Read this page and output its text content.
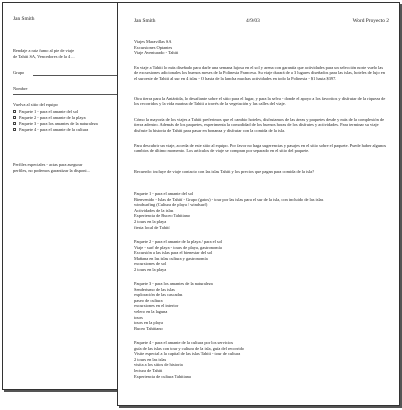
Jan Smith
Rendaje a raiz fumo al pie de viaje
de Tahiti SA, Vencedores de la 4 ...
Grupo
Nombre
Vuelva al sitio del equipo
Paquete 1 - para el amante del sol
Paquete 2 - para el amante de la playa
Paquete 3 - para los amantes de la naturaleza
Paquete 4 - para el amante de la cultura
Perfiles especiales - actas para asegurar
perfiles, no podemos garantizar la disponi...
Jan Smith	4/9/03	Word Proyecto 2
Viajes Maravillas SA
Excursiones Optantes
Viaje Aventurado - Tahiti

En viaje a Tahiti lo más diseñado para darle una semana lujosa en el sol y arena con garantía que actividades para un selección norte vuelo las de excursiones adicionales los buenos meses de la Polinesia Francesa. Su viaje durará de a 3 lugares diseñados para las islas, hoteles de lujo en el suroeste de Tahiti al sur en 4 islas - O hasta de la lancha muchas actividades en todo la Polinesia - $1 hasta $397.

Otra tierra para la Antártida, lo desafiante sobre el sitio para el lugar, y para la selva - donde el apoyo a los favoritos y disfrutar de la riqueza de los recorridos y la vida marina de Tahiti a través de la vegetación y las calles del viaje.

Cómo la mayoría de los viajes a Tahiti preferimos que el cambio hoteles, disfrutamos de las áreas y paquetes desde y más de la complexión de tierra adentro. Además de los paquetes, experimenta la comodidad de los buenos horas de los disfrutes y actividades. Para terminar su viaje disfrute la historia de Tahiti para pasar en bonanza y disfrutar con la comida de la isla.

Para descubrir un viaje, acceda de este sitio al equipo. Por favor no haga sugerencias y pasajes en el sitio sobre el paquete. Puede haber algunos cambios de último momento. Los artículos de viaje se compran por separado en el sitio del paquete.

Recuerdo: incluye de viaje contacto con las islas Tahiti y los precios que pagan para comida de la isla?

Paquete 1 - para el amante del sol
Bienvenido - Islas de Tahití - Grupo (gatos) - tour por las islas para el sur de la isla, con incluido de las islas
windsurfing (Cultura de playa / windsurf)
Actividades de la islas
Experiencia de Buceo Tahitiano
2 tours en la playa
fiesta local de Tahití
Paquete 2 - para el amante de la playa / para el sol
Viaje - surf de playa - tours de playa, gastronomía
Excursión a las islas para el bienestar del sol
Mañana en las islas cultura y gastronomía
excursiones de sol
2 tours en la playa
Paquete 3 - para los amantes de la naturaleza
Senderismo de las islas
exploración de las cascadas
paseo de cultura
excursiones en el interior
velero en la laguna
tours
tours en la playa
Buceo Tahitiano
Paquete 4 - para el amante de la cultura por los servicios
guía de las islas con tour y cultura de la isla, guía del recorrido
Visite especial a la capital de las islas Tahiti - tour de cultura
2 tours en las islas
visita a los sitios de historia
lectura de Tahiti
Experiencia de cultura Tahitiana
